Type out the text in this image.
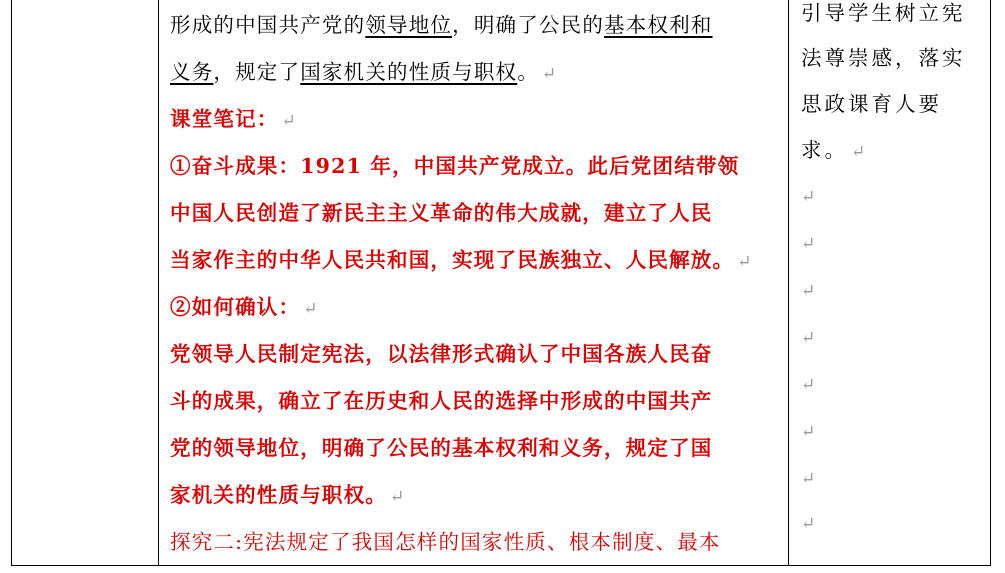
形成的中国共产党的领导地位，明确了公民的基本权利和
义务，规定了国家机关的性质与职权。 ↵
课堂笔记： ↵
①奋斗成果：1921 年，中国共产党成立。此后党团结带领
中国人民创造了新民主主义革命的伟大成就，建立了人民
当家作主的中华人民共和国，实现了民族独立、人民解放。 ↵
②如何确认： ↵
党领导人民制定宪法，以法律形式确认了中国各族人民奋
斗的成果，确立了在历史和人民的选择中形成的中国共产
党的领导地位，明确了公民的基本权利和义务，规定了国
家机关的性质与职权。 ↵
探究二:宪法规定了我国怎样的国家性质、根本制度、最本
引导学生树立宪
法尊崇感，落实
思政课育人要
求。 ↵
↵
↵
↵
↵
↵
↵
↵
↵
